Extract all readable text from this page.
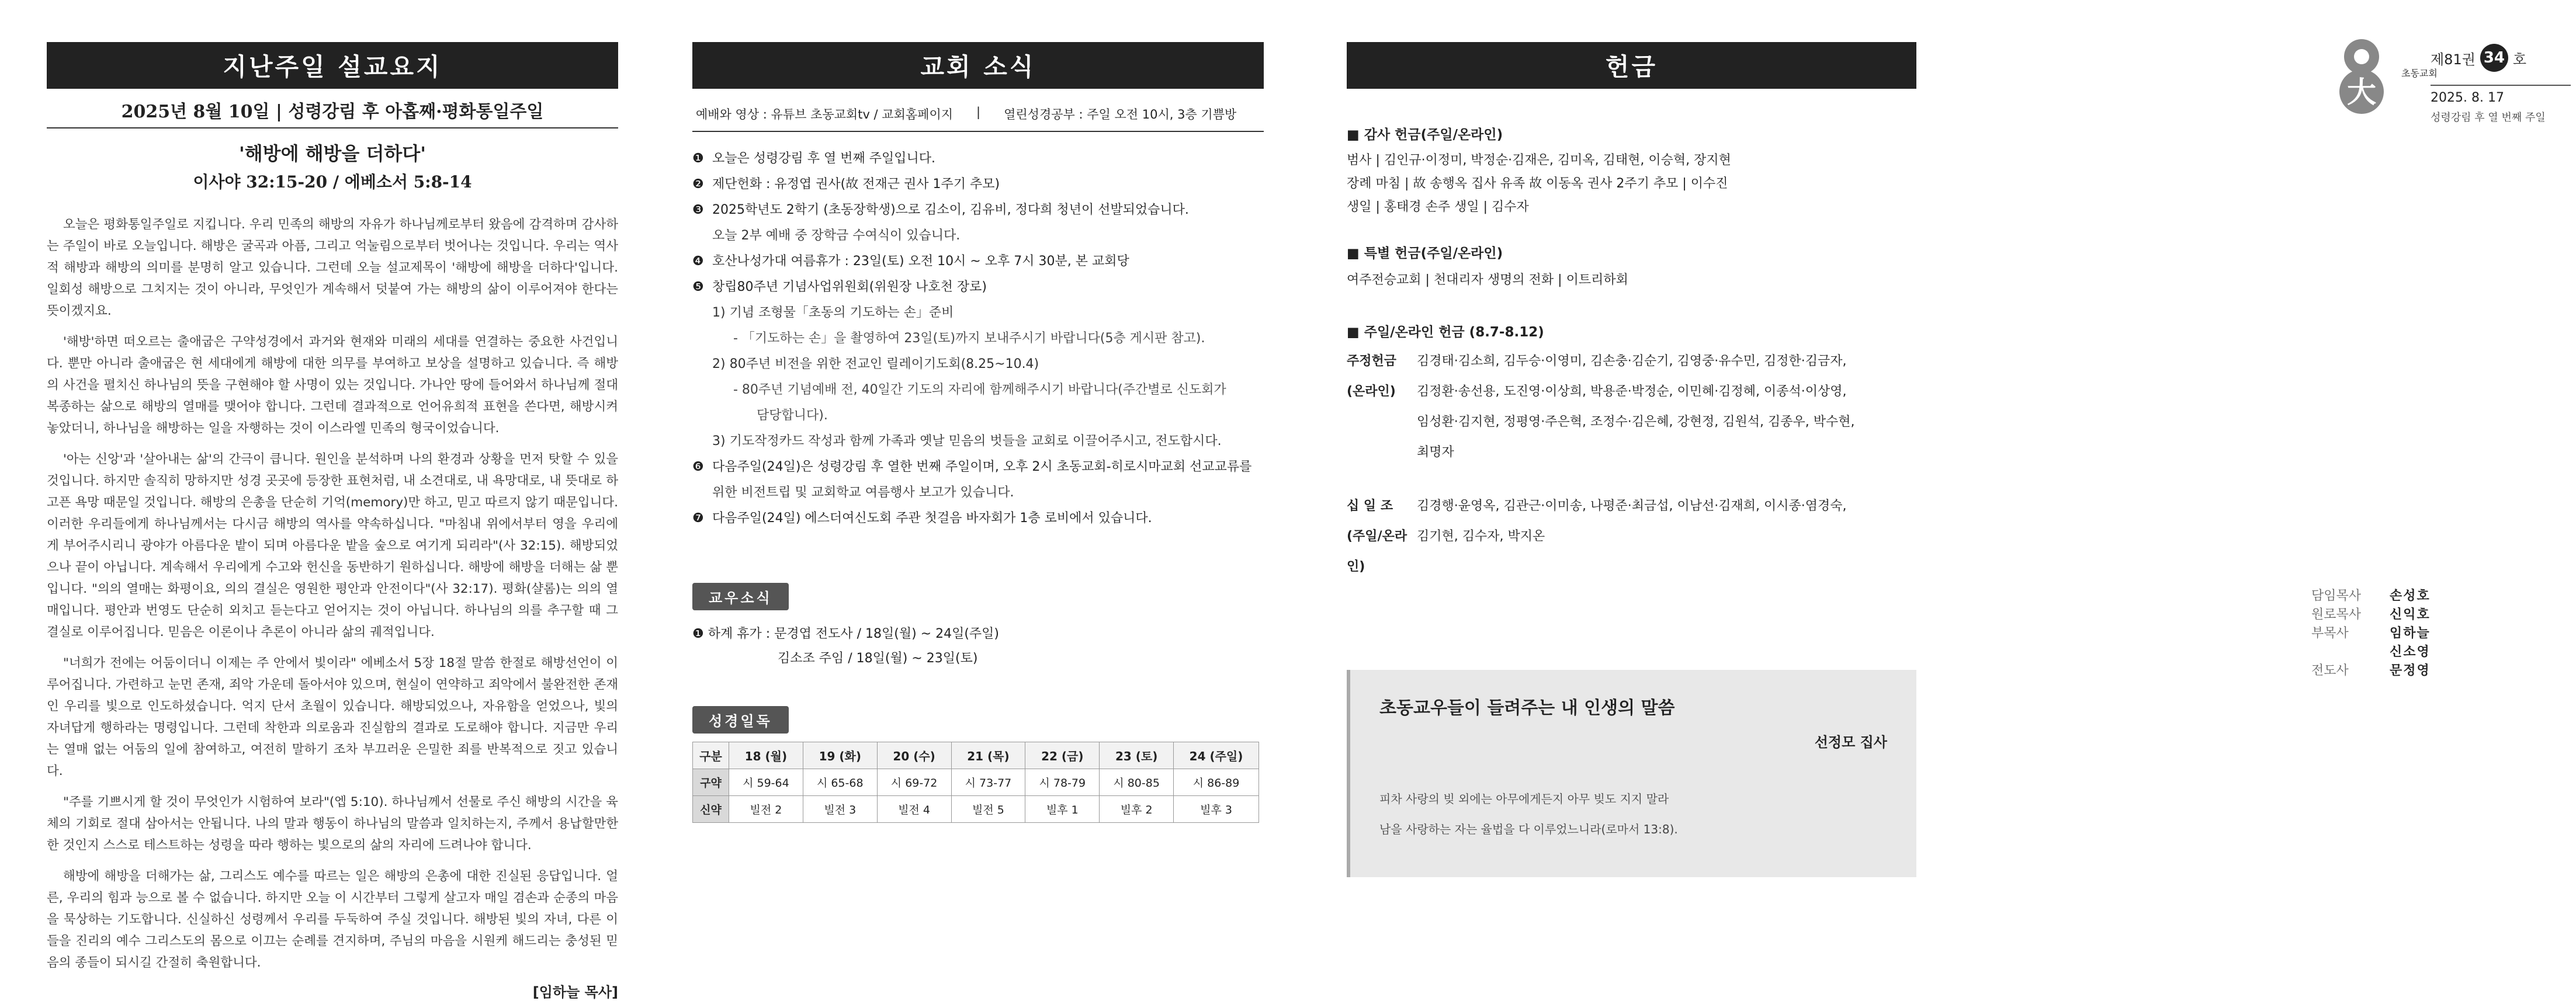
지난주일 설교요지
2025년 8월 10일 | 성령강림 후 아홉째·평화통일주일
'해방에 해방을 더하다'
이사야 32:15-20 / 에베소서 5:8-14

오늘은 평화통일주일로 지킵니다. 우리 민족의 해방의 자유가 하나님께로부터 왔음에 감격하며 감사하는 주일이 바로 오늘입니다. 해방은 굴곡과 아픔, 그리고 억눌림으로부터 벗어나는 것입니다. 우리는 역사적 해방과 해방의 의미를 분명히 알고 있습니다. 그런데 오늘 설교제목이 '해방에 해방을 더하다'입니다. 일회성 해방으로 그치지는 것이 아니라, 무엇인가 계속해서 덧붙여 가는 해방의 삶이 이루어져야 한다는 뜻이겠지요.

'해방'하면 떠오르는 출애굽은 구약성경에서 과거와 현재와 미래의 세대를 연결하는 중요한 사건입니다. 뿐만 아니라 출애굽은 현 세대에게 해방에 대한 의무를 부여하고 보상을 설명하고 있습니다. 즉 해방의 사건을 펼치신 하나님의 뜻을 구현해야 할 사명이 있는 것입니다. 가나안 땅에 들어와서 하나님께 절대 복종하는 삶으로 해방의 열매를 맺어야 합니다. 그런데 결과적으로 언어유희적 표현을 쓴다면, 해방시켜 놓았더니, 하나님을 해방하는 일을 자행하는 것이 이스라엘 민족의 형국이었습니다.

'아는 신앙'과 '살아내는 삶'의 간극이 큽니다. 원인을 분석하며 나의 환경과 상황을 먼저 탓할 수 있을 것입니다. 하지만 솔직히 망하지만 성경 곳곳에 등장한 표현처럼, 내 소견대로, 내 욕망대로, 내 뜻대로 하고픈 욕망 때문일 것입니다. 해방의 은총을 단순히 기억(memory)만 하고, 믿고 따르지 않기 때문입니다. 이러한 우리들에게 하나님께서는 다시금 해방의 역사를 약속하십니다. "마침내 위에서부터 영을 우리에게 부어주시리니 광야가 아름다운 밭이 되며 아름다운 밭을 숲으로 여기게 되리라"(사 32:15). 해방되었으나 끝이 아닙니다. 계속해서 우리에게 수고와 헌신을 동반하기 원하십니다. 해방에 해방을 더해는 삶 뿐입니다. "의의 열매는 화평이요, 의의 결실은 영원한 평안과 안전이다"(사 32:17). 평화(샬롬)는 의의 열매입니다. 평안과 번영도 단순히 외치고 듣는다고 얻어지는 것이 아닙니다. 하나님의 의를 추구할 때 그 결실로 이루어집니다. 믿음은 이론이나 추론이 아니라 삶의 궤적입니다.

"너희가 전에는 어둠이더니 이제는 주 안에서 빛이라" 에베소서 5장 18절 말씀 한절로 해방선언이 이루어집니다. 가련하고 눈먼 존재, 죄악 가운데 돌아서야 있으며, 현실이 연약하고 죄악에서 불완전한 존재인 우리를 빛으로 인도하셨습니다. 억지 단서 초월이 있습니다. 해방되었으나, 자유함을 얻었으나, 빛의 자녀답게 행하라는 명령입니다. 그런데 착한과 의로움과 진실함의 결과로 도로해야 합니다. 지금만 우리는 열매 없는 어둠의 일에 참여하고, 여전히 말하기 조차 부끄러운 은밀한 죄를 반복적으로 짓고 있습니다.

"주를 기쁘시게 할 것이 무엇인가 시험하여 보라"(엡 5:10). 하나님께서 선물로 주신 해방의 시간을 육체의 기회로 절대 삼아서는 안됩니다. 나의 말과 행동이 하나님의 말씀과 일치하는지, 주께서 용납할만한 한 것인지 스스로 테스트하는 성령을 따라 행하는 빛으로의 삶의 자리에 드려나야 합니다.

해방에 해방을 더해가는 삶, 그리스도 예수를 따르는 일은 해방의 은총에 대한 진실된 응답입니다. 얼른, 우리의 힘과 능으로 볼 수 없습니다. 하지만 오늘 이 시간부터 그렇게 살고자 매일 겸손과 순종의 마음을 묵상하는 기도합니다. 신실하신 성령께서 우리를 두둑하여 주실 것입니다. 해방된 빛의 자녀, 다른 이들을 진리의 예수 그리스도의 몸으로 이끄는 순례를 견지하며, 주님의 마음을 시원케 해드리는 충성된 믿음의 종들이 되시길 간절히 축원합니다.

[임하늘 목사]
교회 소식
예배와 영상 : 유튜브 초동교회tv / 교회홈페이지 | 열린성경공부 : 주일 오전 10시, 3층 기쁨방
❶ 오늘은 성령강림 후 열 번째 주일입니다.
❷ 제단헌화 : 유정엽 권사(故 전재근 권사 1주기 추모)
❸ 2025학년도 2학기 (초동장학생)으로 김소이, 김유비, 정다희 청년이 선발되었습니다.
오늘 2부 예배 중 장학금 수여식이 있습니다.
❹ 호산나성가대 여름휴가 : 23일(토) 오전 10시 ~ 오후 7시 30분, 본 교회당
❺ 창립80주년 기념사업위원회(위원장 나호천 장로)
1) 기념 조형물「초동의 기도하는 손」준비
- 「기도하는 손」을 촬영하여 23일(토)까지 보내주시기 바랍니다(5층 게시판 참고).
2) 80주년 비전을 위한 전교인 릴레이기도회(8.25~10.4)
- 80주년 기념예배 전, 40일간 기도의 자리에 함께해주시기 바랍니다(주간별로 신도회가
담당합니다).
3) 기도작정카드 작성과 함께 가족과 옛날 믿음의 벗들을 교회로 이끌어주시고, 전도합시다.
❻ 다음주일(24일)은 성령강림 후 열한 번째 주일이며, 오후 2시 초동교회-히로시마교회 선교교류를
위한 비전트립 및 교회학교 여름행사 보고가 있습니다.
❼ 다음주일(24일) 에스더여신도회 주관 첫걸음 바자회가 1층 로비에서 있습니다.
교우소식
❶ 하계 휴가 : 문경엽 전도사 / 18일(월) ~ 24일(주일)
김소조 주임 / 18일(월) ~ 23일(토)
성경일독
구분	18 (월)	19 (화)	20 (수)	21 (목)	22 (금)	23 (토)	24 (주일)
구약	시 59-64	시 65-68	시 69-72	시 73-77	시 78-79	시 80-85	시 86-89
신약	빌전 2	빌전 3	빌전 4	빌전 5	빌후 1	빌후 2	빌후 3
헌금
■ 감사 헌금(주일/온라인)
범사 | 김인규·이정미, 박정순·김재은, 김미옥, 김태현, 이승혁, 장지현
장례 마침 | 故 송행옥 집사 유족 故 이동옥 권사 2주기 추모 | 이수진
생일 | 홍태경 손주 생일 | 김수자
■ 특별 헌금(주일/온라인)
여주전승교회 | 천대리자 생명의 전화 | 이트리하회
■ 주일/온라인 헌금 (8.7-8.12)
주정헌금	김경태·김소희, 김두승·이영미, 김손충·김순기, 김영중·유수민, 김정한·김금자,
(온라인)	김정환·송선용, 도진영·이상희, 박용준·박정순, 이민혜·김정혜, 이종석·이상영,
임성환·김지현, 정평영·주은혁, 조정수·김은혜, 강현정, 김원석, 김종우, 박수현,
최명자
십 일 조	김경행·윤영옥, 김관근·이미송, 나평준·최금섭, 이남선·김재희, 이시종·염경숙,
(주일/온라인)
김기현, 김수자, 박지온
초동교우들이 들려주는 내 인생의 말씀
선정모 집사
피차 사랑의 빚 외에는 아무에게든지 아무 빚도 지지 말라
남을 사랑하는 자는 율법을 다 이루었느니라(로마서 13:8).
大
초동교회
제81권 34 호
2025. 8. 17
성령강림 후 열 번째 주일
담임목사	손성호
원로목사	신익호
부목사	임하늘
신소영
전도사	문정영
